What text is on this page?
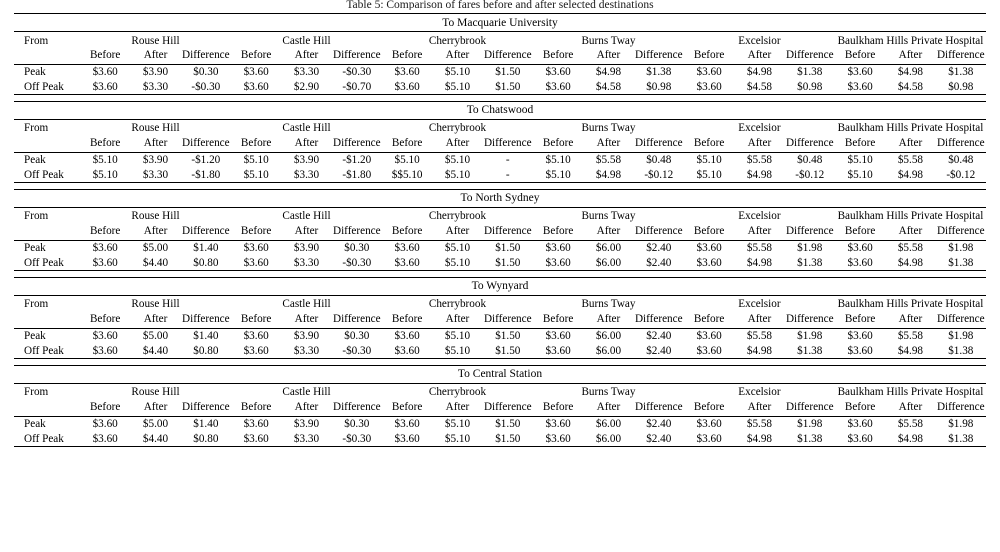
Table 5: Comparison of fares before and after selected destinations
To Macquarie University																		
From	Rouse Hill			Castle Hill			Cherrybrook			Burns Tway			Excelsior			Baulkham Hills Private Hospital		
	Before	After	Difference	Before	After	Difference	Before	After	Difference	Before	After	Difference	Before	After	Difference	Before	After	Difference
Peak	$3.60	$3.90	$0.30	$3.60	$3.30	-$0.30	$3.60	$5.10	$1.50	$3.60	$4.98	$1.38	$3.60	$4.98	$1.38	$3.60	$4.98	$1.38
Off Peak	$3.60	$3.30	-$0.30	$3.60	$2.90	-$0.70	$3.60	$5.10	$1.50	$3.60	$4.58	$0.98	$3.60	$4.58	$0.98	$3.60	$4.58	$0.98
To Chatswood																		
From	Rouse Hill			Castle Hill			Cherrybrook			Burns Tway			Excelsior			Baulkham Hills Private Hospital		
	Before	After	Difference	Before	After	Difference	Before	After	Difference	Before	After	Difference	Before	After	Difference	Before	After	Difference
Peak	$5.10	$3.90	-$1.20	$5.10	$3.90	-$1.20	$5.10	$5.10	-	$5.10	$5.58	$0.48	$5.10	$5.58	$0.48	$5.10	$5.58	$0.48
Off Peak	$5.10	$3.30	-$1.80	$5.10	$3.30	-$1.80	$$5.10	$5.10	-	$5.10	$4.98	-$0.12	$5.10	$4.98	-$0.12	$5.10	$4.98	-$0.12
To North Sydney																		
From	Rouse Hill			Castle Hill			Cherrybrook			Burns Tway			Excelsior			Baulkham Hills Private Hospital		
	Before	After	Difference	Before	After	Difference	Before	After	Difference	Before	After	Difference	Before	After	Difference	Before	After	Difference
Peak	$3.60	$5.00	$1.40	$3.60	$3.90	$0.30	$3.60	$5.10	$1.50	$3.60	$6.00	$2.40	$3.60	$5.58	$1.98	$3.60	$5.58	$1.98
Off Peak	$3.60	$4.40	$0.80	$3.60	$3.30	-$0.30	$3.60	$5.10	$1.50	$3.60	$6.00	$2.40	$3.60	$4.98	$1.38	$3.60	$4.98	$1.38
To Wynyard																		
From	Rouse Hill			Castle Hill			Cherrybrook			Burns Tway			Excelsior			Baulkham Hills Private Hospital		
	Before	After	Difference	Before	After	Difference	Before	After	Difference	Before	After	Difference	Before	After	Difference	Before	After	Difference
Peak	$3.60	$5.00	$1.40	$3.60	$3.90	$0.30	$3.60	$5.10	$1.50	$3.60	$6.00	$2.40	$3.60	$5.58	$1.98	$3.60	$5.58	$1.98
Off Peak	$3.60	$4.40	$0.80	$3.60	$3.30	-$0.30	$3.60	$5.10	$1.50	$3.60	$6.00	$2.40	$3.60	$4.98	$1.38	$3.60	$4.98	$1.38
To Central Station																		
From	Rouse Hill			Castle Hill			Cherrybrook			Burns Tway			Excelsior			Baulkham Hills Private Hospital		
	Before	After	Difference	Before	After	Difference	Before	After	Difference	Before	After	Difference	Before	After	Difference	Before	After	Difference
Peak	$3.60	$5.00	$1.40	$3.60	$3.90	$0.30	$3.60	$5.10	$1.50	$3.60	$6.00	$2.40	$3.60	$5.58	$1.98	$3.60	$5.58	$1.98
Off Peak	$3.60	$4.40	$0.80	$3.60	$3.30	-$0.30	$3.60	$5.10	$1.50	$3.60	$6.00	$2.40	$3.60	$4.98	$1.38	$3.60	$4.98	$1.38
